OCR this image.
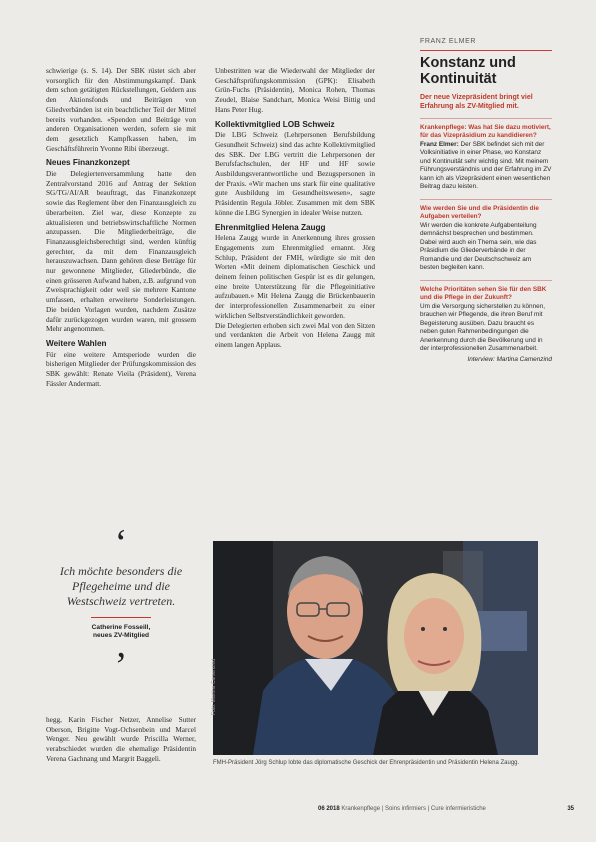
schwierige (s. S. 14). Der SBK rüstet sich aber vorsorglich für den Abstimmungskampf. Dank dem schon getätigten Rückstellungen, Geldern aus den Aktionsfonds und Beiträgen von Gliedverbänden ist ein beachtlicher Teil der Mittel bereits vorhanden. «Spenden und Beiträge von anderen Organisationen werden, sofern sie mit dem gesetzlich Kampfkassen haben, im Geschäftsführerin Yvonne Ribi überzeugt.

Neues Finanzkonzept

Die Delegiertenversammlung hatte den Zentralvorstand 2016 auf Antrag der Sektion SG/TG/AI/AR beauftragt, das Finanzkonzept sowie das Reglement über den Finanzausgleich zu überarbeiten. Ziel war, diese Konzepte zu aktualisieren und betriebswirtschaftliche Normen anzupassen. Die Mitgliederbeiträge, die Finanzausgleichsberechtigt sind, werden künftig gerechter, da mit dem Finanzausgleich herauszuwachsen. Dann gehören diese Beträge für nur gewonnene Mitglieder, Gliederbünde, die einen grösseren Aufwand haben, z.B. aufgrund von Zweisprachigkeit oder weil sie mehrere Kantone umfassen, erhalten erweiterte Sonderleistungen. Die beiden Vorlagen wurden, nachdem Zusätze dafür zurückgezogen wurden waren, mit grossem Mehr angenommen.

Weitere Wahlen

Für eine weitere Amtsperiode wurden die bisherigen Mitglieder der Prüfungskommission des SBK gewählt: Renate Vieila (Präsident), Verena Fässler Andermatt.

‘
Ich möchte besonders die Pflegeheime und die Westschweiz vertreten.
Catherine Fosseill,
neues ZV-Mitglied
’

hegg, Karin Fischer Netzer, Annelise Sutter Oberson, Brigitte Vogt-Ochsenbein und Marcel Wenger. Neu gewählt wurde Priscilla Werner, verabschiedet wurden die ehemalige Präsidentin Verena Gachnang und Margrit Baggeli.

Unbestritten war die Wiederwahl der Mitglieder der Geschäftsprüfungskommission (GPK): Elisabeth Grün-Fuchs (Präsidentin), Monica Rohen, Thomas Zeudel, Blaise Sandchart, Monica Weisi Bittig und Hans Peter Hug.

Kollektivmitglied LOB Schweiz

Die LBG Schweiz (Lehrpersonen Berufsbildung Gesundheit Schweiz) sind das achte Kollektivmitglied des SBK. Der LBG vertritt die Lehrpersonen der Berufsfachschulen, der HF und HF sowie Ausbildungsverantwortliche und Bezugspersonen in der Praxis. «Wir machen uns stark für eine qualitative gute Ausbildung im Gesundheitswesen», sagte Präsidentin Regula Jöbler. Zusammen mit dem SBK könne die LBG Synergien in idealer Weise nutzen.

Ehrenmitglied Helena Zaugg

Helena Zaugg wurde in Anerkennung ihres grossen Engagements zum Ehrenmitglied ernannt. Jörg Schlup, Präsident der FMH, würdigte sie mit den Worten «Mit deinem diplomatischen Geschick und deinem feinen politischen Gespür ist es dir gelungen, eine breite Unterstützung für die Pflegeinitiative aufzubauen.» Mit Helena Zaugg die Brückenbauerin der interprofessionellen Zusammenarbeit zu einer wirklichen Selbstverständlichkeit geworden.

Die Delegierten erhoben sich zwei Mal von den Sitzen und verdankten die Arbeit von Helena Zaugg mit einem langen Applaus.

FRANZ ELMER
Konstanz und Kontinuität
Der neue Vizepräsident bringt viel Erfahrung als ZV-Mitglied mit.
Krankenpflege: Was hat Sie dazu motiviert, für das Vizepräsidium zu kandidieren?
Franz Elmer: Der SBK befindet sich mit der Volksinitiative in einer Phase, wo Konstanz und Kontinuität sehr wichtig sind. Mit meinem Führungsverständnis und der Erfahrung im ZV kann ich als Vizepräsident einen wesentlichen Beitrag dazu leisten.
Wie werden Sie und die Präsidentin die Aufgaben verteilen?
Wir werden die konkrete Aufgabenteilung demnächst besprechen und bestimmen. Dabei wird auch ein Thema sein, wie das Präsidium die Gliederverbände in der Romandie und der Deutschschweiz am besten begleiten kann.
Welche Prioritäten sehen Sie für den SBK und die Pflege in der Zukunft?
Um die Versorgung sicherstellen zu können, brauchen wir Pflegende, die ihren Beruf mit Begeisterung ausüben. Dazu braucht es neben guten Rahmenbedingungen die Anerkennung durch die Bevölkerung und in der interprofessionellen Zusammenarbeit.
Interview: Martina Camenzind
Foto: Martina Camenzind
FMH-Präsident Jörg Schlup lobte das diplomatische Geschick der Ehrenpräsidentin und Präsidentin Helena Zaugg.
06 2018 Krankenpflege | Soins infirmiers | Cure infermieristiche	35
